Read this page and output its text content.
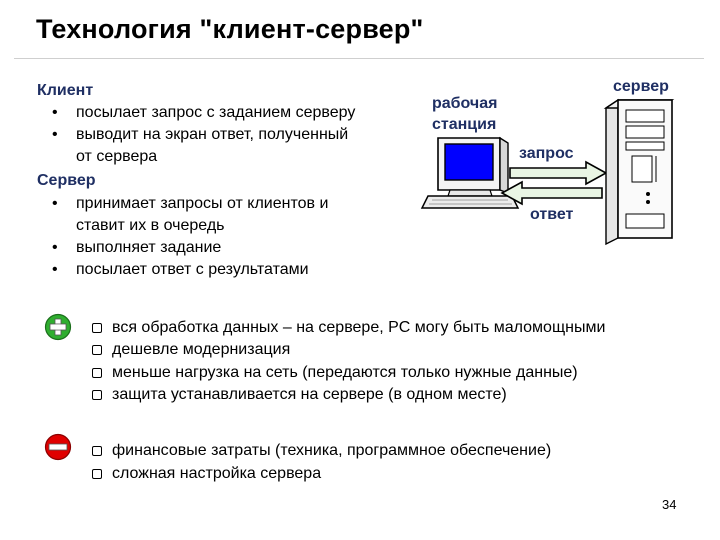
Технология "клиент-сервер"
Клиент
• посылает запрос с заданием серверу
• выводит на экран ответ, полученный
от сервера
Сервер
• принимает запросы от клиентов и
ставит их в очередь
• выполняет задание
• посылает ответ с результатами
рабочая
станция
сервер
запрос
ответ
вся обработка данных – на сервере, PC могу быть маломощными
дешевле модернизация
меньше нагрузка на сеть (передаются только нужные данные)
защита устанавливается на сервере (в одном месте)
финансовые затраты (техника, программное обеспечение)
сложная настройка сервера
34
